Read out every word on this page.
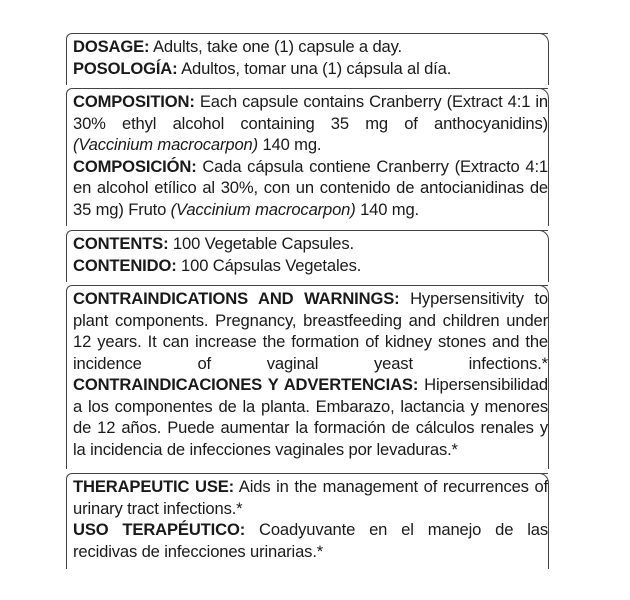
DOSAGE: Adults, take one (1) capsule a day.

POSOLOGÍA: Adultos, tomar una (1) cápsula al día.

COMPOSITION: Each capsule contains Cranberry (Extract 4:1 in 30% ethyl alcohol containing 35 mg of anthocyanidins) (Vaccinium macrocarpon) 140 mg.

COMPOSICIÓN: Cada cápsula contiene Cranberry (Extracto 4:1 en alcohol etílico al 30%, con un contenido de antocianidinas de 35 mg) Fruto (Vaccinium macrocarpon) 140 mg.

CONTENTS: 100 Vegetable Capsules.

CONTENIDO: 100 Cápsulas Vegetales.

CONTRAINDICATIONS AND WARNINGS: Hypersensitivity to plant components. Pregnancy, breastfeeding and children under 12 years. It can increase the formation of kidney stones and the incidence of vaginal yeast infections.*

CONTRAINDICACIONES Y ADVERTENCIAS: Hipersensibilidad a los componentes de la planta. Embarazo, lactancia y menores de 12 años. Puede aumentar la formación de cálculos renales y la incidencia de infecciones vaginales por levaduras.*

THERAPEUTIC USE: Aids in the management of recurrences of urinary tract infections.*

USO TERAPÉUTICO: Coadyuvante en el manejo de las recidivas de infecciones urinarias.*
